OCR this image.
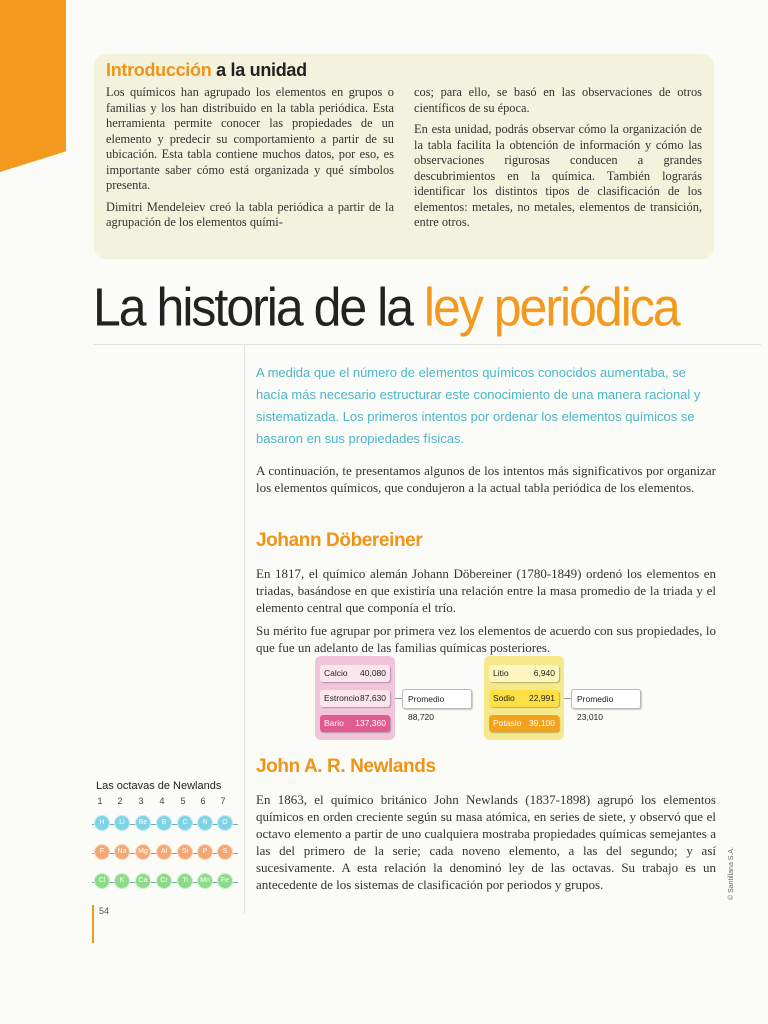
Introducción a la unidad

Los químicos han agrupado los elementos en grupos o familias y los han distribuido en la tabla periódica. Esta herramienta permite conocer las propiedades de un elemento y predecir su comportamiento a partir de su ubicación. Esta tabla contiene muchos datos, por eso, es importante saber cómo está organizada y qué símbolos presenta.

Dimitri Mendeleiev creó la tabla periódica a partir de la agrupación de los elementos quími-

cos; para ello, se basó en las observaciones de otros científicos de su época.

En esta unidad, podrás observar cómo la organización de la tabla facilita la obtención de información y cómo las observaciones rigurosas conducen a grandes descubrimientos en la química. También lograrás identificar los distintos tipos de clasificación de los elementos: metales, no metales, elementos de transición, entre otros.

La historia de la ley periódica
A medida que el número de elementos químicos conocidos aumentaba, se hacía más necesario estructurar este conocimiento de una manera racional y sistematizada. Los primeros intentos por ordenar los elementos químicos se basaron en sus propiedades físicas.

A continuación, te presentamos algunos de los intentos más significativos por organizar los elementos químicos, que condujeron a la actual tabla periódica de los elementos.

Johann Döbereiner

En 1817, el químico alemán Johann Döbereiner (1780-1849) ordenó los elementos en triadas, basándose en que existiría una relación entre la masa promedio de la triada y el elemento central que componía el trío.

Su mérito fue agrupar por primera vez los elementos de acuerdo con sus propiedades, lo que fue un adelanto de las familias químicas posteriores.

Calcio 40,080
Estroncio 87,630
Bario 137,360
Promedio 88,720
Litio	6,940
Sodio 22,991
Potasio 39,100
Promedio 23,010
John A. R. Newlands

En 1863, el químico británico John Newlands (1837-1898) agrupó los elementos químicos en orden creciente según su masa atómica, en series de siete, y observó que el octavo elemento a partir de uno cualquiera mostraba propiedades químicas semejantes a las del primero de la serie; cada noveno elemento, a las del segundo; y así sucesivamente. A esta relación la denominó ley de las octavas. Su trabajo es un antecedente de los sistemas de clasificación por periodos y grupos.

Las octavas de Newlands
1	2	3	4	5	6	7
H	Li	Be	B	C	N	O
F	Na	Mg	Al	Si	P	S
Cl	K	Ca	Cr	Ti	Mn	Fe
54
© Santillana S.A.
